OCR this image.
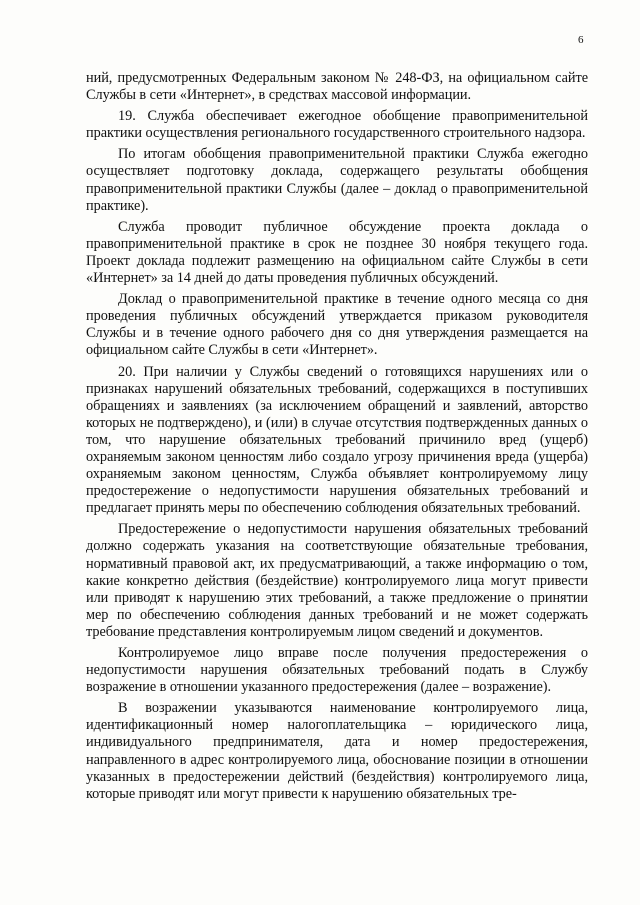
6

ний, предусмотренных Федеральным законом № 248-ФЗ, на официальном сайте Службы в сети «Интернет», в средствах массовой информации.

19. Служба обеспечивает ежегодное обобщение правоприменительной практики осуществления регионального государственного строительного надзора.

По итогам обобщения правоприменительной практики Служба ежегодно осуществляет подготовку доклада, содержащего результаты обобщения правоприменительной практики Службы (далее – доклад о правоприменительной практике).

Служба проводит публичное обсуждение проекта доклада о правоприменительной практике в срок не позднее 30 ноября текущего года. Проект доклада подлежит размещению на официальном сайте Службы в сети «Интернет» за 14 дней до даты проведения публичных обсуждений.

Доклад о правоприменительной практике в течение одного месяца со дня проведения публичных обсуждений утверждается приказом руководителя Службы и в течение одного рабочего дня со дня утверждения размещается на официальном сайте Службы в сети «Интернет».

20. При наличии у Службы сведений о готовящихся нарушениях или о признаках нарушений обязательных требований, содержащихся в поступивших обращениях и заявлениях (за исключением обращений и заявлений, авторство которых не подтверждено), и (или) в случае отсутствия подтвержденных данных о том, что нарушение обязательных требований причинило вред (ущерб) охраняемым законом ценностям либо создало угрозу причинения вреда (ущерба) охраняемым законом ценностям, Служба объявляет контролируемому лицу предостережение о недопустимости нарушения обязательных требований и предлагает принять меры по обеспечению соблюдения обязательных требований.

Предостережение о недопустимости нарушения обязательных требований должно содержать указания на соответствующие обязательные требования, нормативный правовой акт, их предусматривающий, а также информацию о том, какие конкретно действия (бездействие) контролируемого лица могут привести или приводят к нарушению этих требований, а также предложение о принятии мер по обеспечению соблюдения данных требований и не может содержать требование представления контролируемым лицом сведений и документов.

Контролируемое лицо вправе после получения предостережения о недопустимости нарушения обязательных требований подать в Службу возражение в отношении указанного предостережения (далее – возражение).

В возражении указываются наименование контролируемого лица, идентификационный номер налогоплательщика – юридического лица, индивидуального предпринимателя, дата и номер предостережения, направленного в адрес контролируемого лица, обоснование позиции в отношении указанных в предостережении действий (бездействия) контролируемого лица, которые приводят или могут привести к нарушению обязательных тре-
